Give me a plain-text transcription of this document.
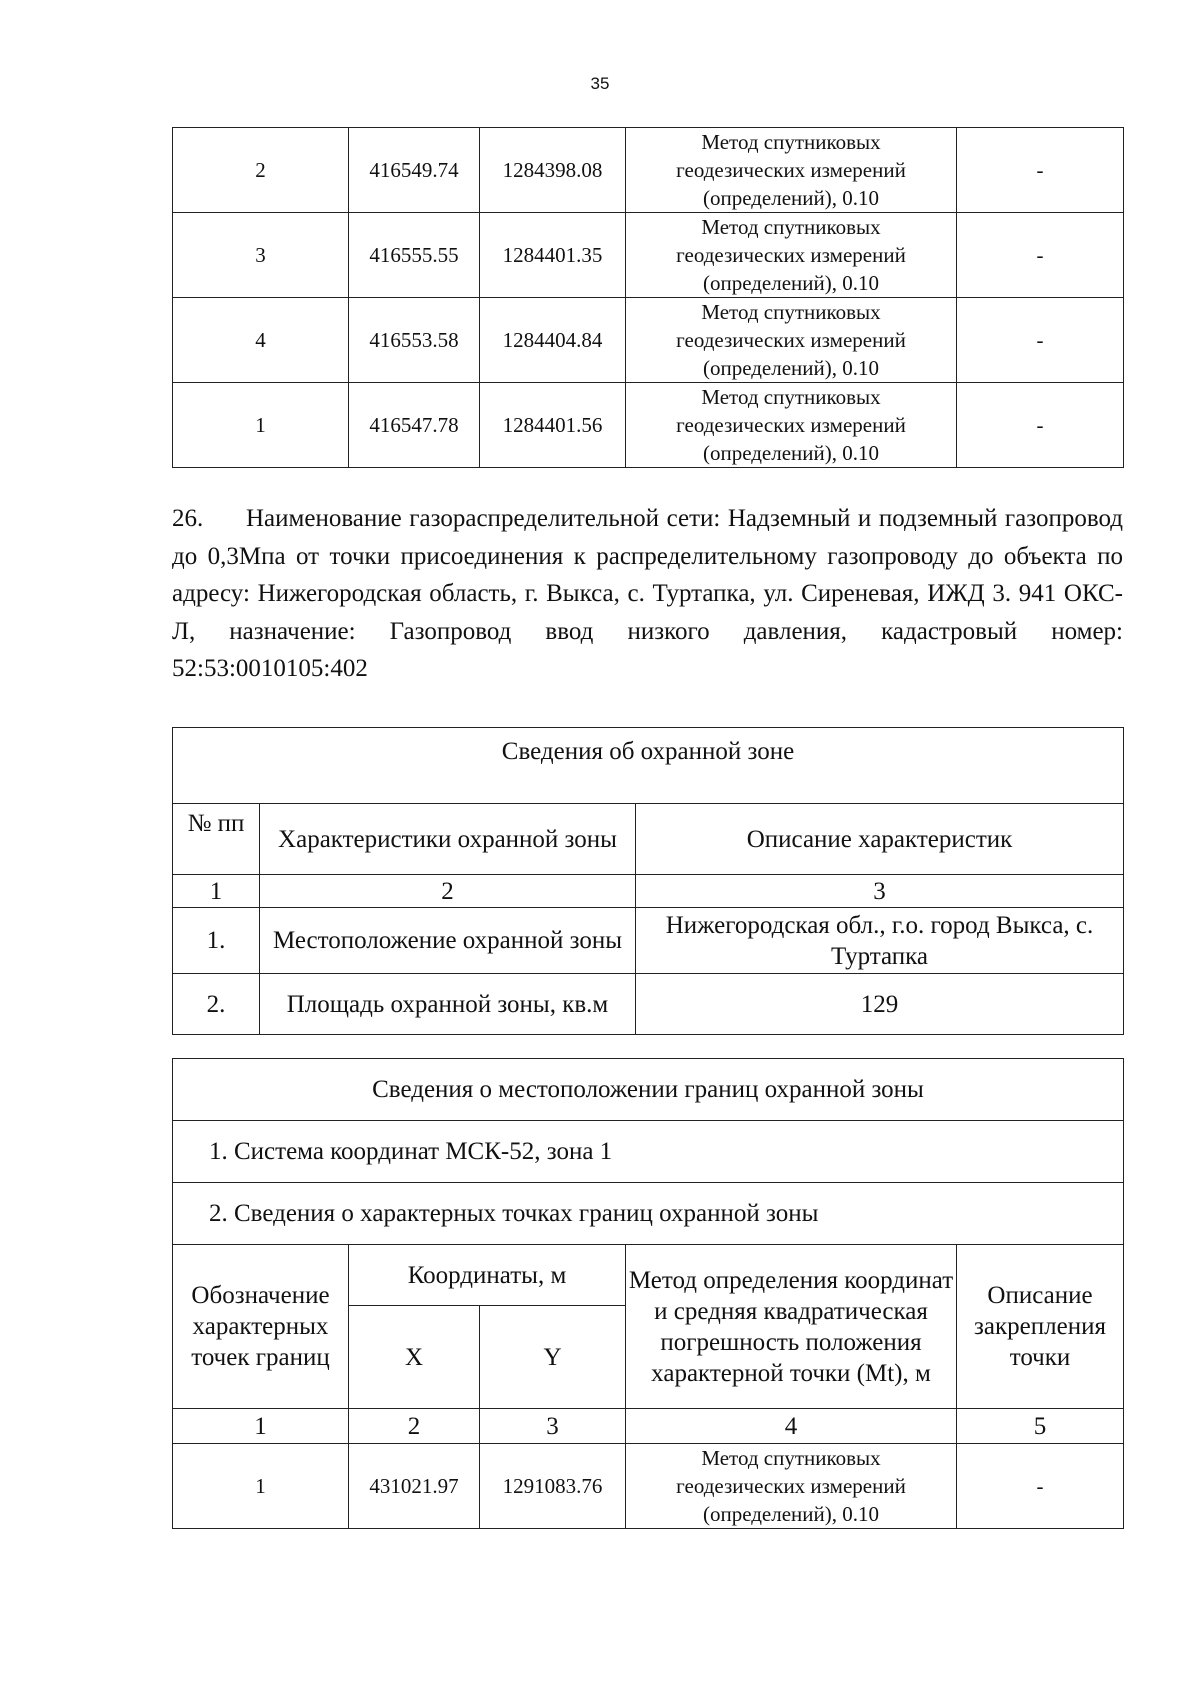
35
2	416549.74	1284398.08	Метод спутниковых
геодезических измерений
(определений), 0.10	-
3	416555.55	1284401.35	Метод спутниковых
геодезических измерений
(определений), 0.10	-
4	416553.58	1284404.84	Метод спутниковых
геодезических измерений
(определений), 0.10	-
1	416547.78	1284401.56	Метод спутниковых
геодезических измерений
(определений), 0.10	-
26. Наименование газораспределительной сети: Надземный и подземный газопровод до 0,3Мпа от точки присоединения к распределительному газопроводу до объекта по адресу: Нижегородская область, г. Выкса, с. Туртапка, ул. Сиреневая, ИЖД 3. 941 ОКС-Л, назначение: Газопровод ввод низкого давления, кадастровый номер: 52:53:0010105:402
Сведения об охранной зоне		
№ пп	Характеристики охранной зоны	Описание характеристик
1	2	3
1.	Местоположение охранной зоны	Нижегородская обл., г.о. город Выкса, с. Туртапка
2.	Площадь охранной зоны, кв.м	129
Сведения о местоположении границ охранной зоны				
1. Система координат МСК-52, зона 1				
2. Сведения о характерных точках границ охранной зоны				
Обозначение характерных точек границ	Координаты, м		Метод определения координат и средняя квадратическая погрешность положения характерной точки (Mt), м	Описание закрепления точки
	X	Y		
1	2	3	4	5
1	431021.97	1291083.76	Метод спутниковых
геодезических измерений
(определений), 0.10	-
